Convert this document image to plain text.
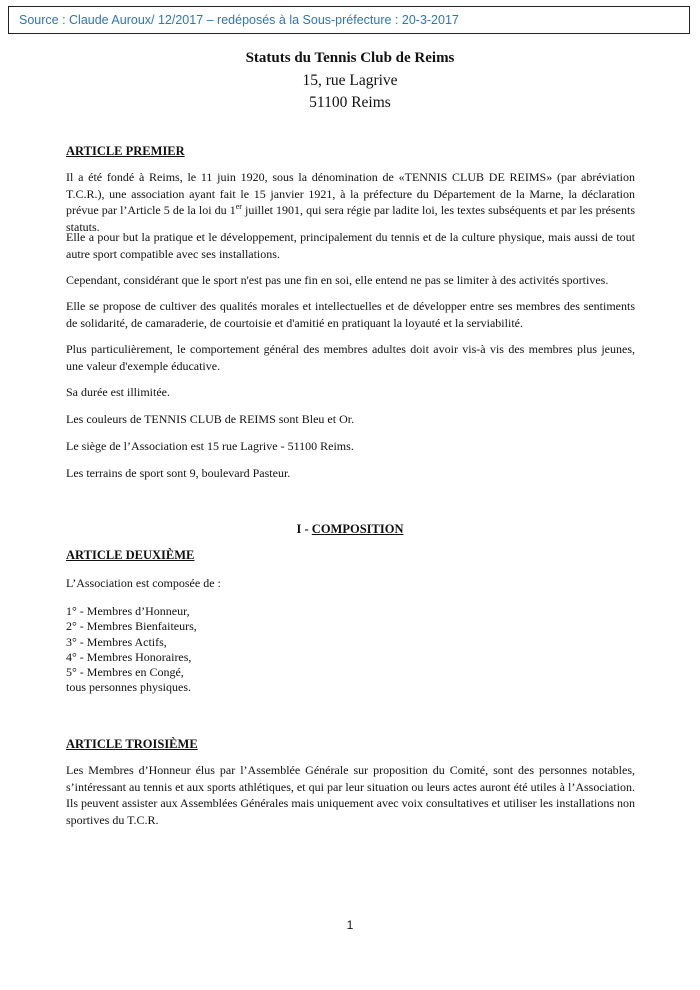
Source : Claude Auroux/ 12/2017 – redéposés à la Sous-préfecture : 20-3-2017
Statuts du Tennis Club de Reims
15, rue Lagrive
51100 Reims
ARTICLE PREMIER
Il a été fondé à Reims, le 11 juin 1920, sous la dénomination de «TENNIS CLUB DE REIMS» (par abréviation T.C.R.), une association ayant fait le 15 janvier 1921, à la préfecture du Département de la Marne, la déclaration prévue par l’Article 5 de la loi du 1er juillet 1901, qui sera régie par ladite loi, les textes subséquents et par les présents statuts.
Elle a pour but la pratique et le développement, principalement du tennis et de la culture physique, mais aussi de tout autre sport compatible avec ses installations.
Cependant, considérant que le sport n'est pas une fin en soi, elle entend ne pas se limiter à des activités sportives.
Elle se propose de cultiver des qualités morales et intellectuelles et de développer entre ses membres des sentiments de solidarité, de camaraderie, de courtoisie et d'amitié en pratiquant la loyauté et la serviabilité.
Plus particulièrement, le comportement général des membres adultes doit avoir vis-à vis des membres plus jeunes, une valeur d'exemple éducative.
Sa durée est illimitée.
Les couleurs de TENNIS CLUB de REIMS sont Bleu et Or.
Le siège de l’Association est 15 rue Lagrive - 51100 Reims.
Les terrains de sport sont 9, boulevard Pasteur.
I - COMPOSITION
ARTICLE DEUXIÈME
L’Association est composée de :
1° - Membres d’Honneur,
2° - Membres Bienfaiteurs,
3° - Membres Actifs,
4° - Membres Honoraires,
5° - Membres en Congé,
tous personnes physiques.
ARTICLE TROISIÈME
Les Membres d’Honneur élus par l’Assemblée Générale sur proposition du Comité, sont des personnes notables, s’intéressant au tennis et aux sports athlétiques, et qui par leur situation ou leurs actes auront été utiles à l’Association. Ils peuvent assister aux Assemblées Générales mais uniquement avec voix consultatives et utiliser les installations non sportives du T.C.R.
1
